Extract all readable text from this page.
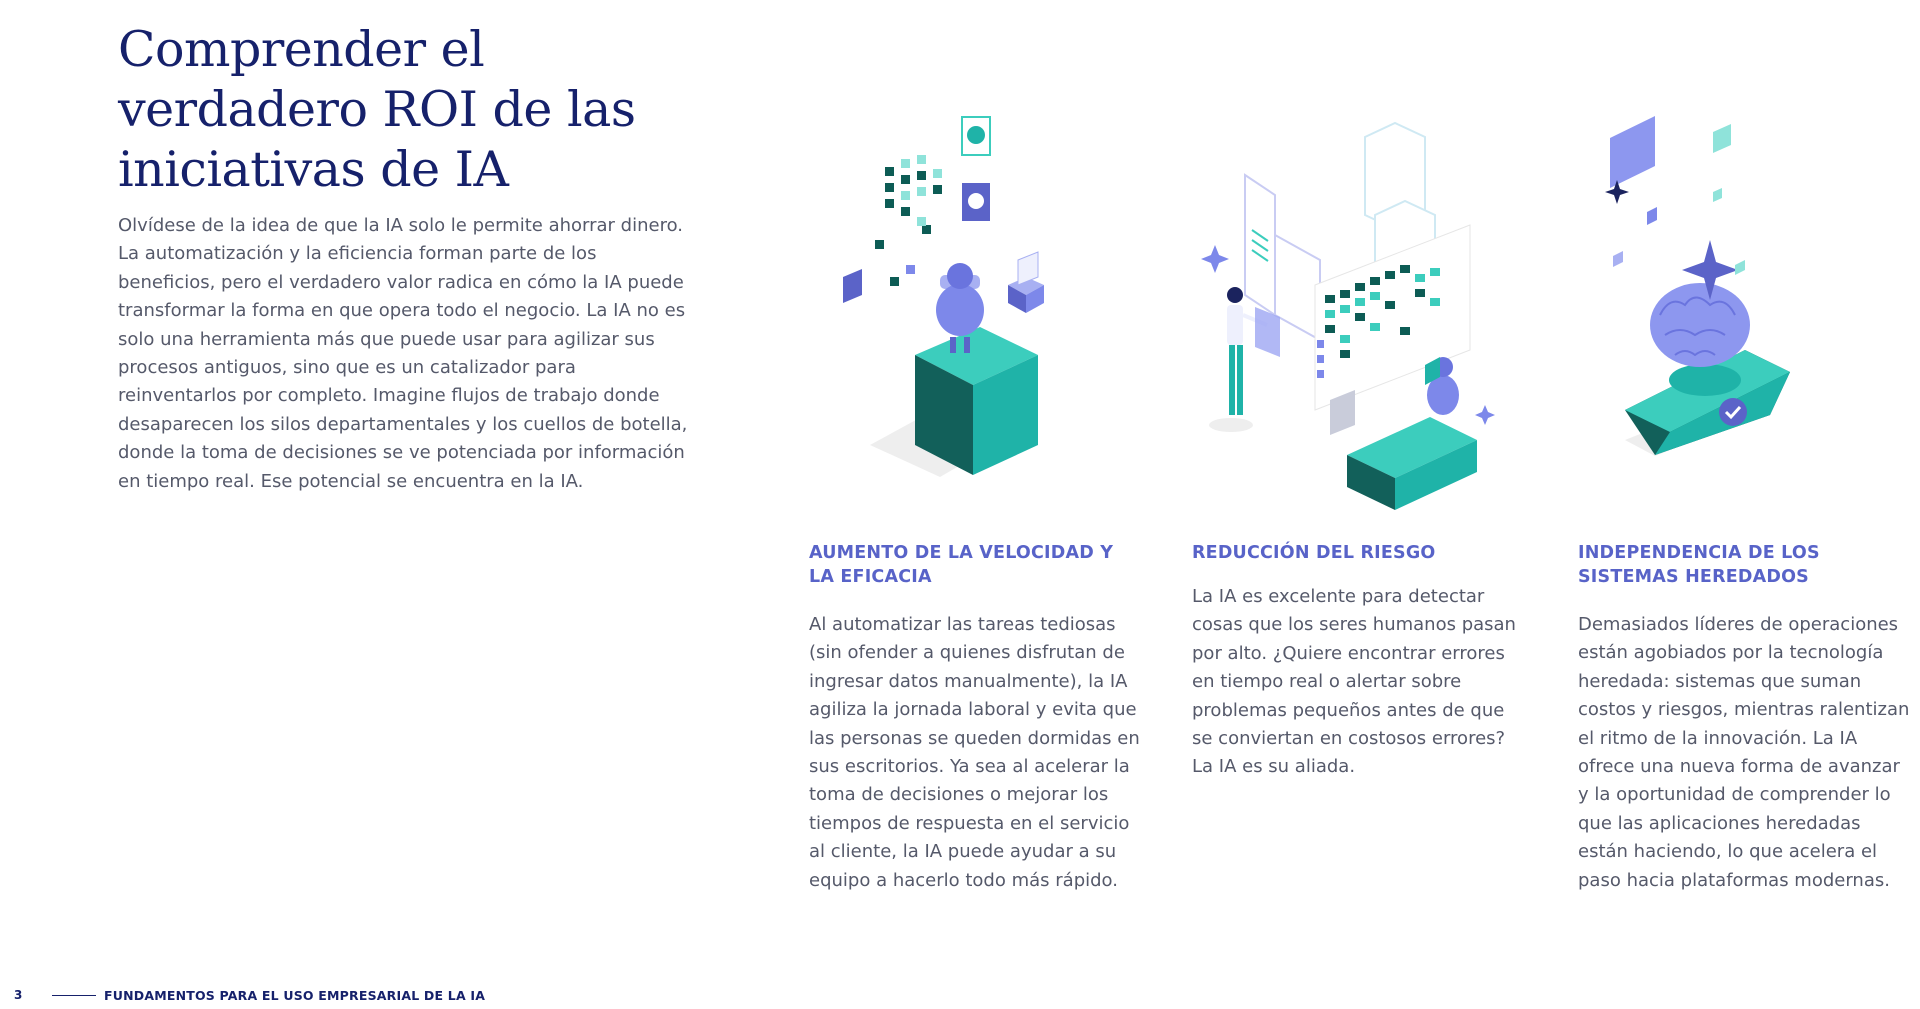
Comprender el
verdadero ROI de las
iniciativas de IA

Olvídese de la idea de que la IA solo le permite ahorrar dinero. La automatización y la eficiencia forman parte de los beneficios, pero el verdadero valor radica en cómo la IA puede transformar la forma en que opera todo el negocio. La IA no es solo una herramienta más que puede usar para agilizar sus procesos antiguos, sino que es un catalizador para reinventarlos por completo. Imagine flujos de trabajo donde desaparecen los silos departamentales y los cuellos de botella, donde la toma de decisiones se ve potenciada por información en tiempo real. Ese potencial se encuentra en la IA.

AUMENTO DE LA VELOCIDAD Y LA EFICACIA

Al automatizar las tareas tediosas (sin ofender a quienes disfrutan de ingresar datos manualmente), la IA agiliza la jornada laboral y evita que las personas se queden dormidas en sus escritorios. Ya sea al acelerar la toma de decisiones o mejorar los tiempos de respuesta en el servicio al cliente, la IA puede ayudar a su equipo a hacerlo todo más rápido.

REDUCCIÓN DEL RIESGO

La IA es excelente para detectar cosas que los seres humanos pasan por alto. ¿Quiere encontrar errores en tiempo real o alertar sobre problemas pequeños antes de que se conviertan en costosos errores? La IA es su aliada.

INDEPENDENCIA DE LOS SISTEMAS HEREDADOS

Demasiados líderes de operaciones están agobiados por la tecnología heredada: sistemas que suman costos y riesgos, mientras ralentizan el ritmo de la innovación. La IA ofrece una nueva forma de avanzar y la oportunidad de comprender lo que las aplicaciones heredadas están haciendo, lo que acelera el paso hacia plataformas modernas.

3	FUNDAMENTOS PARA EL USO EMPRESARIAL DE LA IA
